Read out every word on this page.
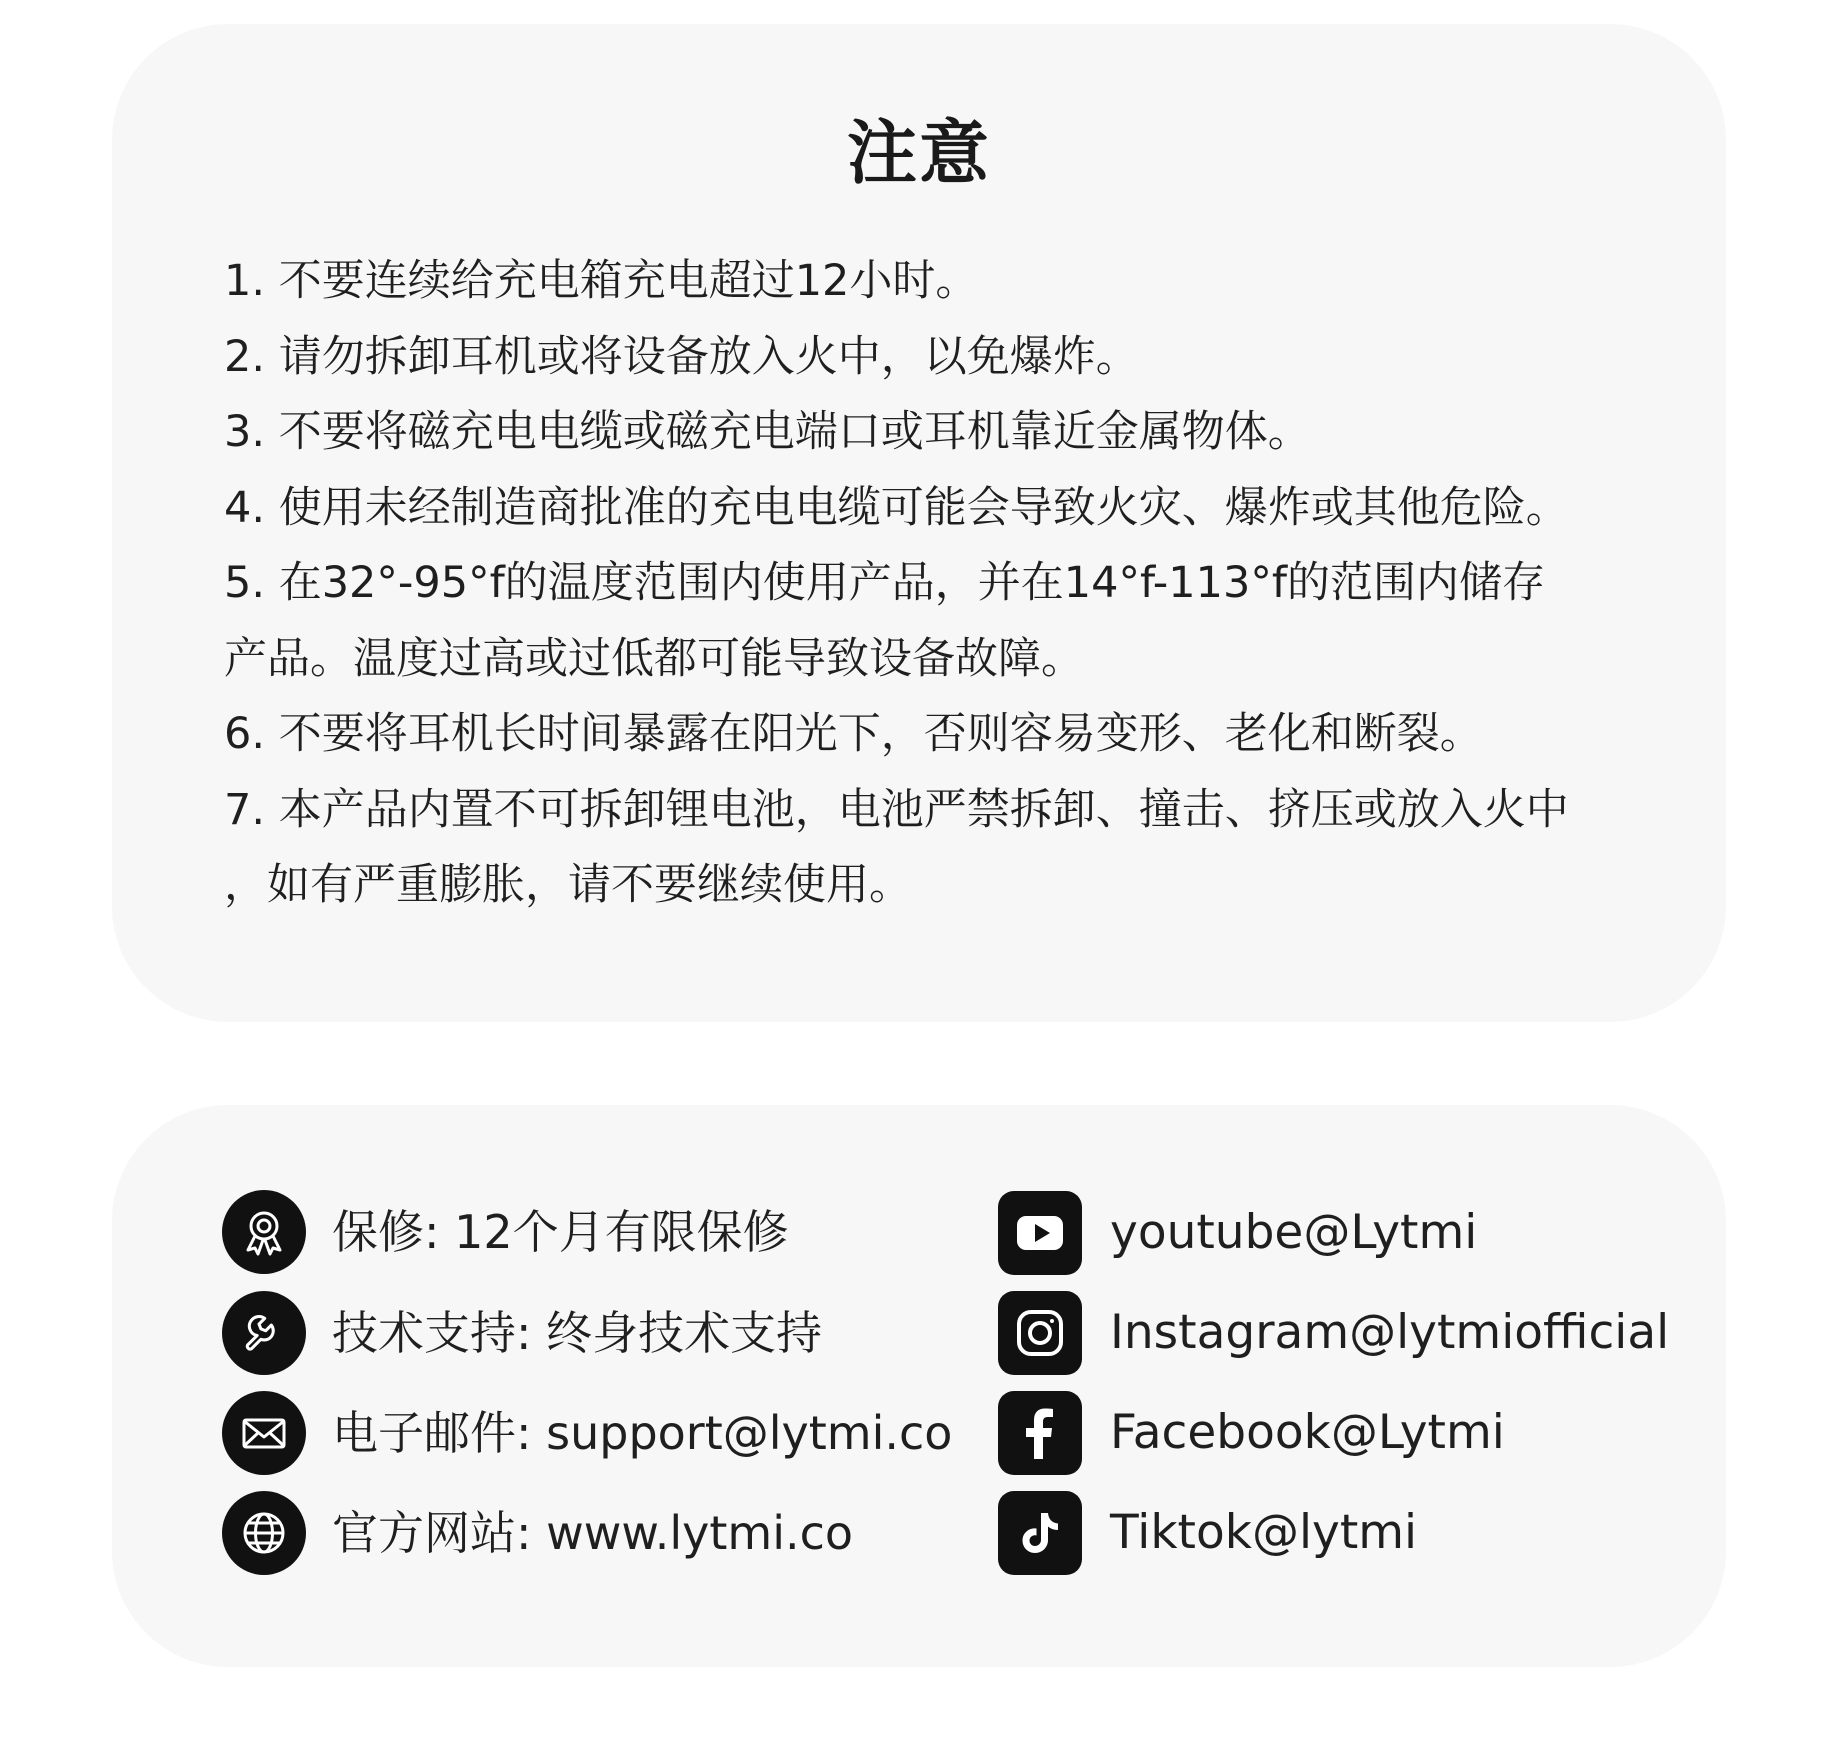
注意
1. 不要连续给充电箱充电超过12小时。
2. 请勿拆卸耳机或将设备放入火中，以免爆炸。
3. 不要将磁充电电缆或磁充电端口或耳机靠近金属物体。
4. 使用未经制造商批准的充电电缆可能会导致火灾、爆炸或其他危险。
5. 在32°-95°f的温度范围内使用产品，并在14°f-113°f的范围内储存
产品。温度过高或过低都可能导致设备故障。
6. 不要将耳机长时间暴露在阳光下，否则容易变形、老化和断裂。
7. 本产品内置不可拆卸锂电池，电池严禁拆卸、撞击、挤压或放入火中
，如有严重膨胀，请不要继续使用。
保修: 12个月有限保修
技术支持: 终身技术支持
电子邮件: support@lytmi.co
官方网站: www.lytmi.co
youtube@Lytmi
Instagram@lytmiofficial
Facebook@Lytmi
Tiktok@lytmi
